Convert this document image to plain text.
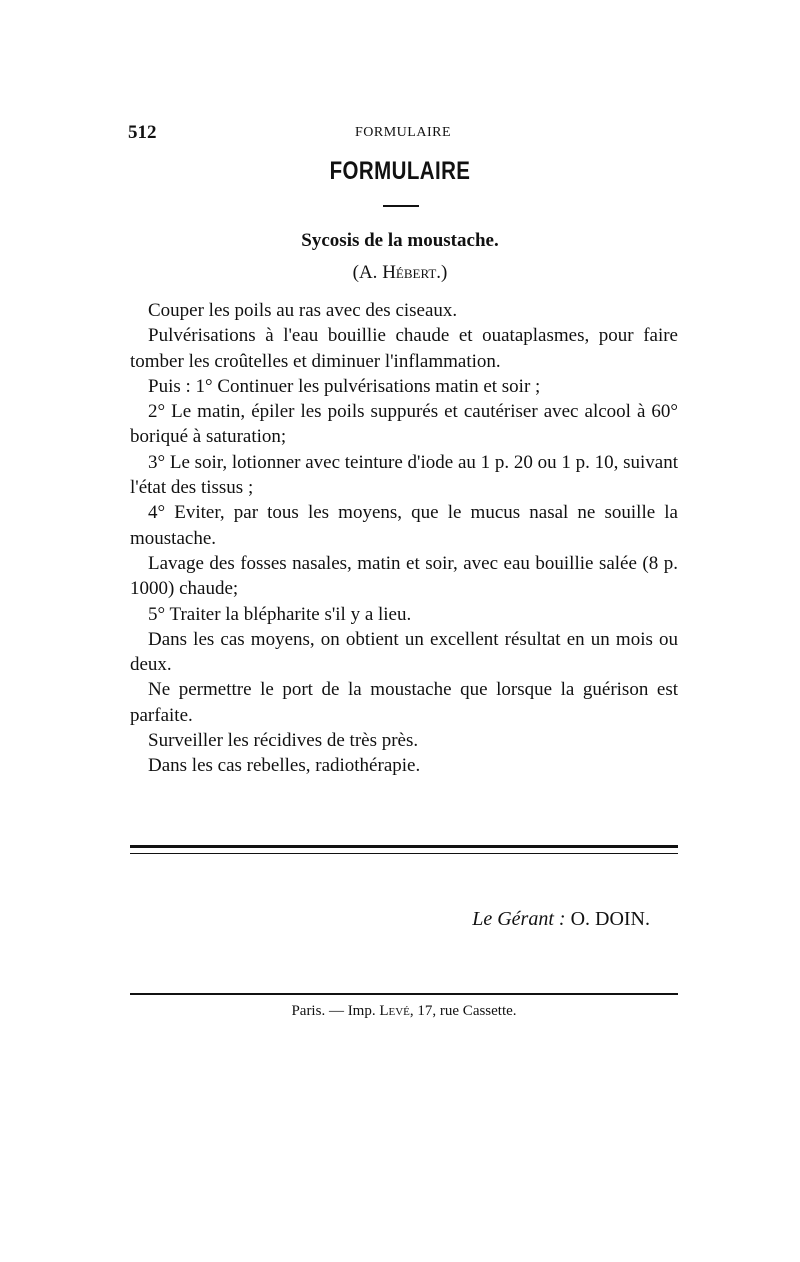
512	FORMULAIRE
FORMULAIRE
Sycosis de la moustache.
(A. Hébert.)

Couper les poils au ras avec des ciseaux.

Pulvérisations à l'eau bouillie chaude et ouataplasmes, pour faire tomber les croûtelles et diminuer l'inflammation.

Puis : 1° Continuer les pulvérisations matin et soir ;

2° Le matin, épiler les poils suppurés et cautériser avec alcool à 60° boriqué à saturation;

3° Le soir, lotionner avec teinture d'iode au 1 p. 20 ou 1 p. 10, suivant l'état des tissus ;

4° Eviter, par tous les moyens, que le mucus nasal ne souille la moustache.

Lavage des fosses nasales, matin et soir, avec eau bouillie salée (8 p. 1000) chaude;

5° Traiter la blépharite s'il y a lieu.

Dans les cas moyens, on obtient un excellent résultat en un mois ou deux.

Ne permettre le port de la moustache que lorsque la guérison est parfaite.

Surveiller les récidives de très près.

Dans les cas rebelles, radiothérapie.

Le Gérant : O. DOIN.
Paris. — Imp. Levé, 17, rue Cassette.
